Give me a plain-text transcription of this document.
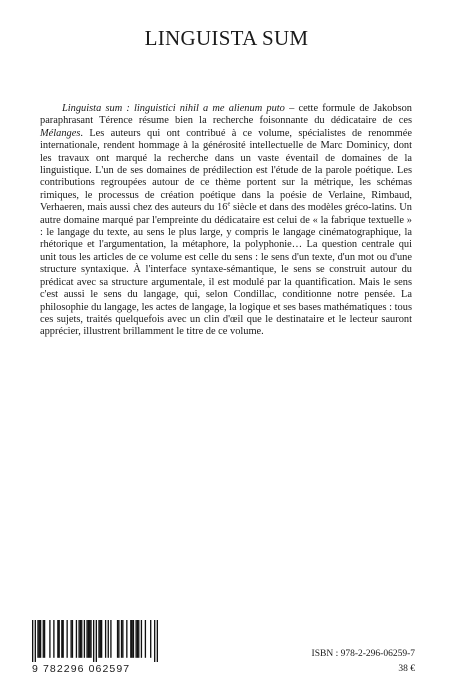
LINGUISTA SUM

Linguista sum : linguistici nihil a me alienum puto – cette formule de Jakobson paraphrasant Térence résume bien la recherche foisonnante du dédicataire de ces Mélanges. Les auteurs qui ont contribué à ce volume, spécialistes de renommée internationale, rendent hommage à la générosité intellectuelle de Marc Dominicy, dont les travaux ont marqué la recherche dans un vaste éventail de domaines de la linguistique. L'un de ses domaines de prédilection est l'étude de la parole poétique. Les contributions regroupées autour de ce thème portent sur la métrique, les schémas rimiques, le processus de création poétique dans la poésie de Verlaine, Rimbaud, Verhaeren, mais aussi chez des auteurs du 16e siècle et dans des modèles gréco-latins. Un autre domaine marqué par l'empreinte du dédicataire est celui de « la fabrique textuelle » : le langage du texte, au sens le plus large, y compris le langage cinématographique, la rhétorique et l'argumentation, la métaphore, la polyphonie… La question centrale qui unit tous les articles de ce volume est celle du sens : le sens d'un texte, d'un mot ou d'une structure syntaxique. À l'interface syntaxe-sémantique, le sens se construit autour du prédicat avec sa structure argumentale, il est modulé par la quantification. Mais le sens c'est aussi le sens du langage, qui, selon Condillac, conditionne notre pensée. La philosophie du langage, les actes de langage, la logique et ses bases mathématiques : tous ces sujets, traités quelquefois avec un clin d'œil que le destinataire et le lecteur sauront apprécier, illustrent brillamment le titre de ce volume.

9 782296 062597
ISBN : 978-2-296-06259-7
38 €
